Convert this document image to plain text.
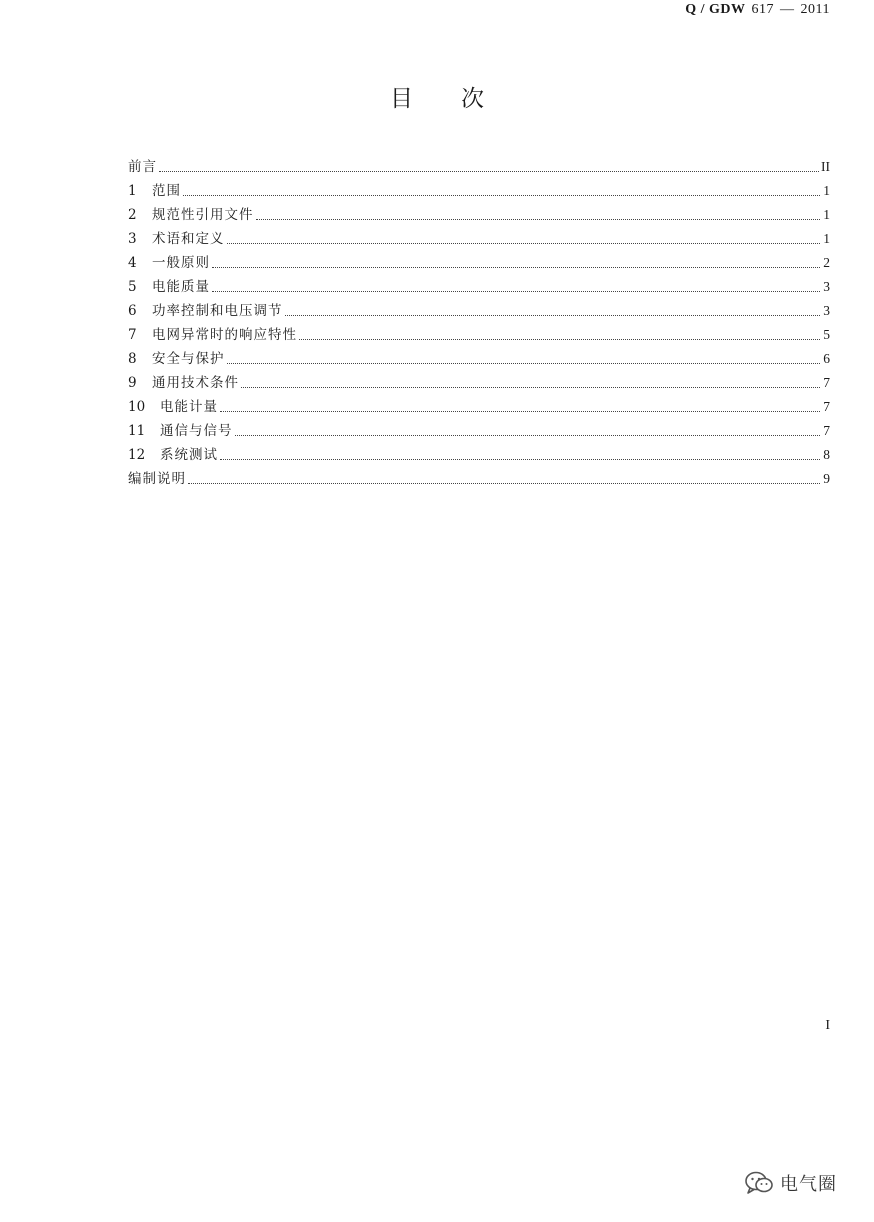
Q / GDW 617 — 2011
目次
前言	II
1	范围	1
2	规范性引用文件	1
3	术语和定义	1
4	一般原则	2
5	电能质量	3
6	功率控制和电压调节	3
7	电网异常时的响应特性	5
8	安全与保护	6
9	通用技术条件	7
10	电能计量	7
11	通信与信号	7
12	系统测试	8
编制说明	9
I
电气圈
